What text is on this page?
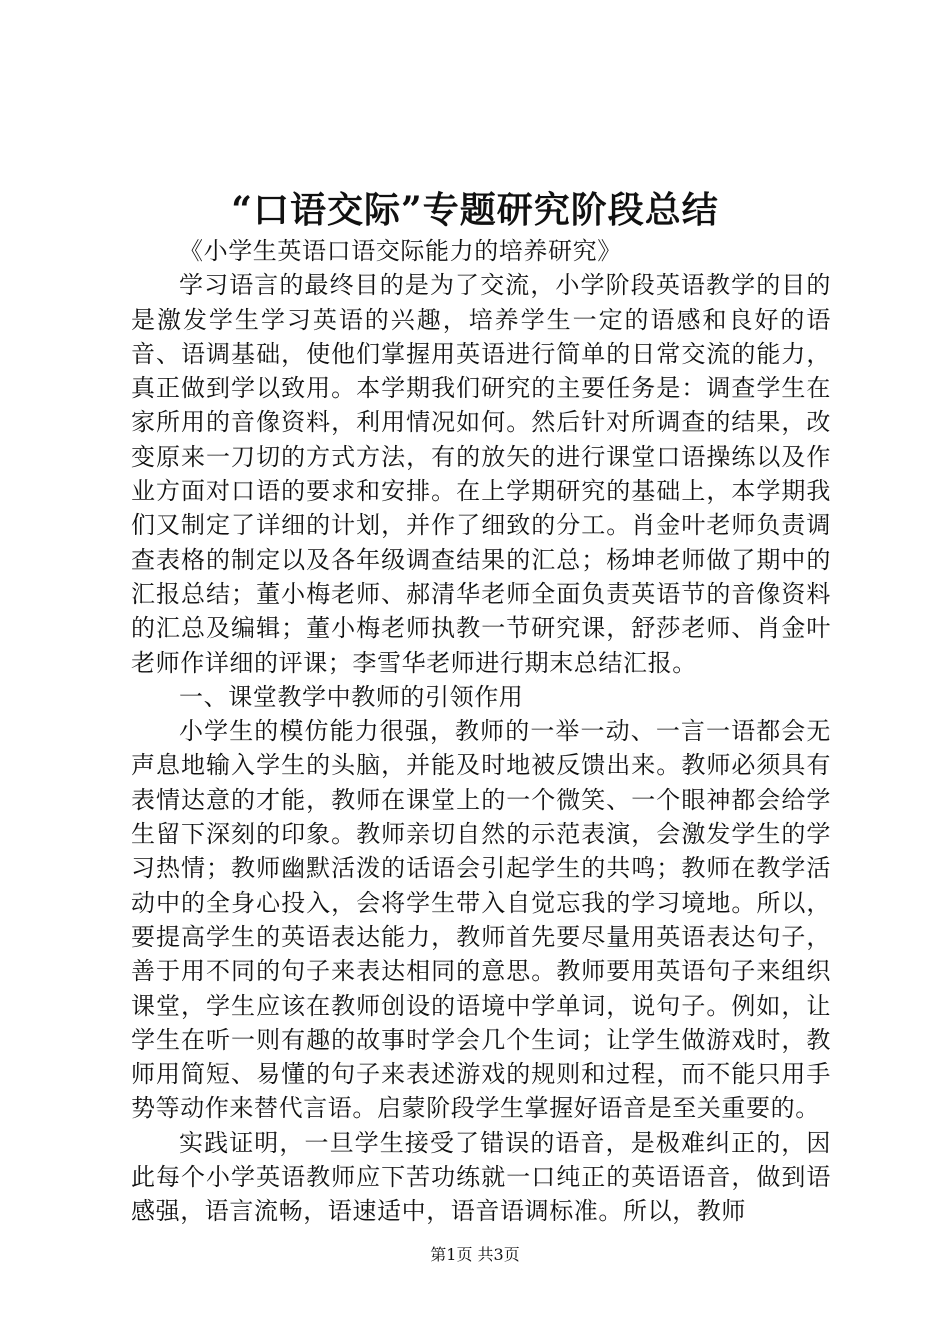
“口语交际”专题研究阶段总结

《小学生英语口语交际能力的培养研究》

学习语言的最终目的是为了交流，小学阶段英语教学的目的是激发学生学习英语的兴趣，培养学生一定的语感和良好的语音、语调基础，使他们掌握用英语进行简单的日常交流的能力，真正做到学以致用。本学期我们研究的主要任务是：调查学生在家所用的音像资料，利用情况如何。然后针对所调查的结果，改变原来一刀切的方式方法，有的放矢的进行课堂口语操练以及作业方面对口语的要求和安排。在上学期研究的基础上，本学期我们又制定了详细的计划，并作了细致的分工。肖金叶老师负责调查表格的制定以及各年级调查结果的汇总；杨坤老师做了期中的汇报总结；董小梅老师、郝清华老师全面负责英语节的音像资料的汇总及编辑；董小梅老师执教一节研究课，舒莎老师、肖金叶老师作详细的评课；李雪华老师进行期末总结汇报。

一、课堂教学中教师的引领作用

小学生的模仿能力很强，教师的一举一动、一言一语都会无声息地输入学生的头脑，并能及时地被反馈出来。教师必须具有表情达意的才能，教师在课堂上的一个微笑、一个眼神都会给学生留下深刻的印象。教师亲切自然的示范表演，会激发学生的学习热情；教师幽默活泼的话语会引起学生的共鸣；教师在教学活动中的全身心投入，会将学生带入自觉忘我的学习境地。所以，要提高学生的英语表达能力，教师首先要尽量用英语表达句子，善于用不同的句子来表达相同的意思。教师要用英语句子来组织课堂，学生应该在教师创设的语境中学单词，说句子。例如，让学生在听一则有趣的故事时学会几个生词；让学生做游戏时，教师用简短、易懂的句子来表述游戏的规则和过程，而不能只用手势等动作来替代言语。启蒙阶段学生掌握好语音是至关重要的。

实践证明，一旦学生接受了错误的语音，是极难纠正的，因此每个小学英语教师应下苦功练就一口纯正的英语语音，做到语感强，语言流畅，语速适中，语音语调标准。所以，教师

第1页 共3页
